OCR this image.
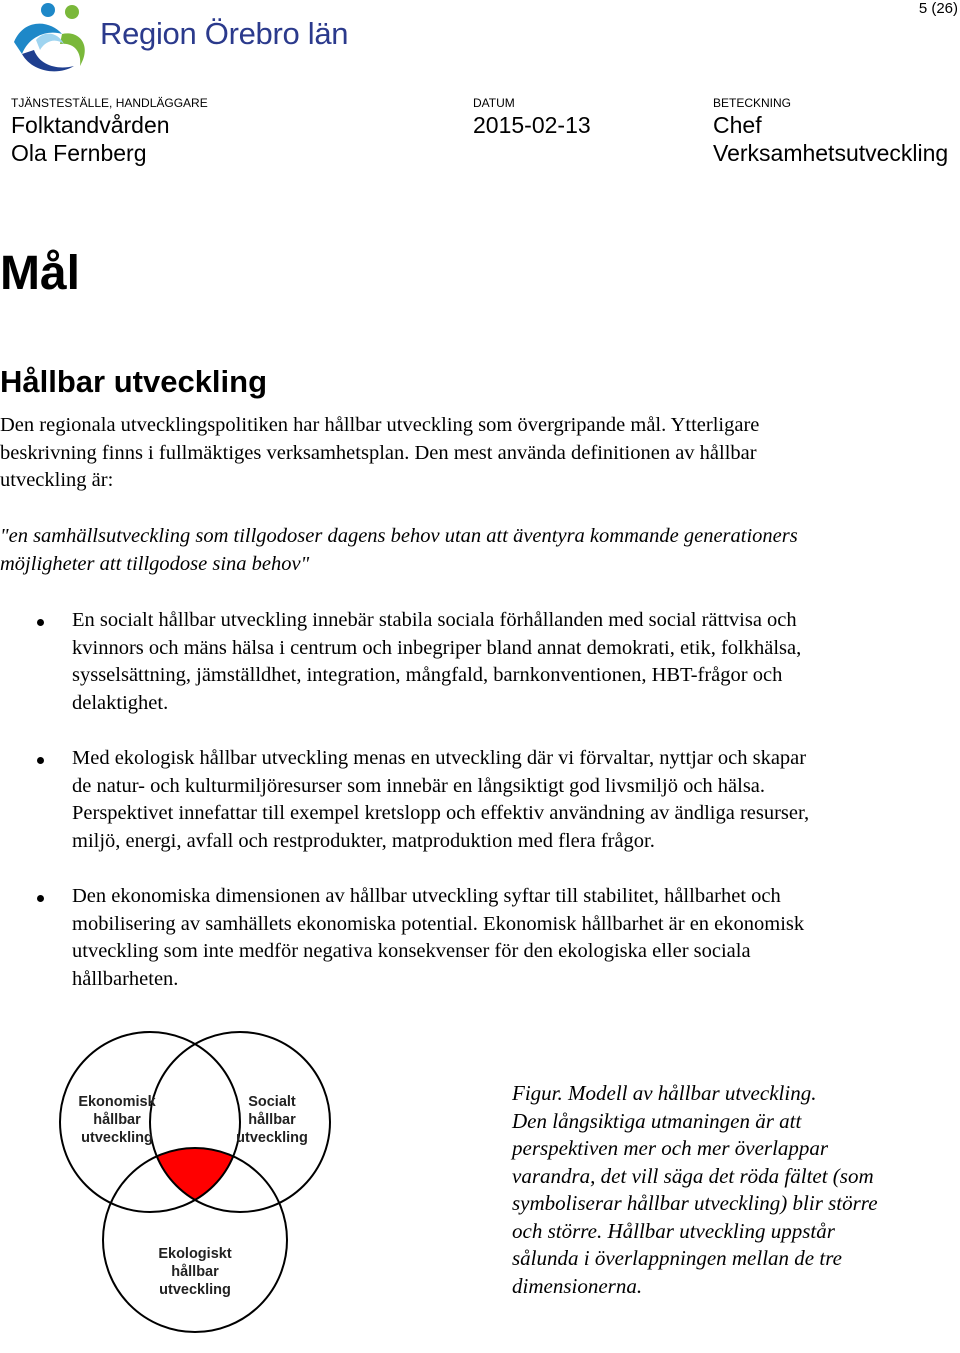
Region Örebro län
5 (26)
TJÄNSTESTÄLLE, HANDLÄGGARE
Folktandvården
Ola Fernberg
DATUM
2015-02-13
BETECKNING
Chef
Verksamhetsutveckling
Mål
Hållbar utveckling
Den regionala utvecklingspolitiken har hållbar utveckling som övergripande mål. Ytterligare
beskrivning finns i fullmäktiges verksamhetsplan. Den mest använda definitionen av hållbar
utveckling är:
"en samhällsutveckling som tillgodoser dagens behov utan att äventyra kommande generationers
möjligheter att tillgodose sina behov"
En socialt hållbar utveckling innebär stabila sociala förhållanden med social rättvisa och
kvinnors och mäns hälsa i centrum och inbegriper bland annat demokrati, etik, folkhälsa,
sysselsättning, jämställdhet, integration, mångfald, barnkonventionen, HBT-frågor och
delaktighet.
Med ekologisk hållbar utveckling menas en utveckling där vi förvaltar, nyttjar och skapar
de natur- och kulturmiljöresurser som innebär en långsiktigt god livsmiljö och hälsa.
Perspektivet innefattar till exempel kretslopp och effektiv användning av ändliga resurser,
miljö, energi, avfall och restprodukter, matproduktion med flera frågor.
Den ekonomiska dimensionen av hållbar utveckling syftar till stabilitet, hållbarhet och
mobilisering av samhällets ekonomiska potential. Ekonomisk hållbarhet är en ekonomisk
utveckling som inte medför negativa konsekvenser för den ekologiska eller sociala
hållbarheten.
Ekonomisk
hållbar
utveckling
Socialt
hållbar
utveckling
Ekologiskt
hållbar
utveckling
Figur. Modell av hållbar utveckling.
Den långsiktiga utmaningen är att
perspektiven mer och mer överlappar
varandra, det vill säga det röda fältet (som
symboliserar hållbar utveckling) blir större
och större. Hållbar utveckling uppstår
sålunda i överlappningen mellan de tre
dimensionerna.
